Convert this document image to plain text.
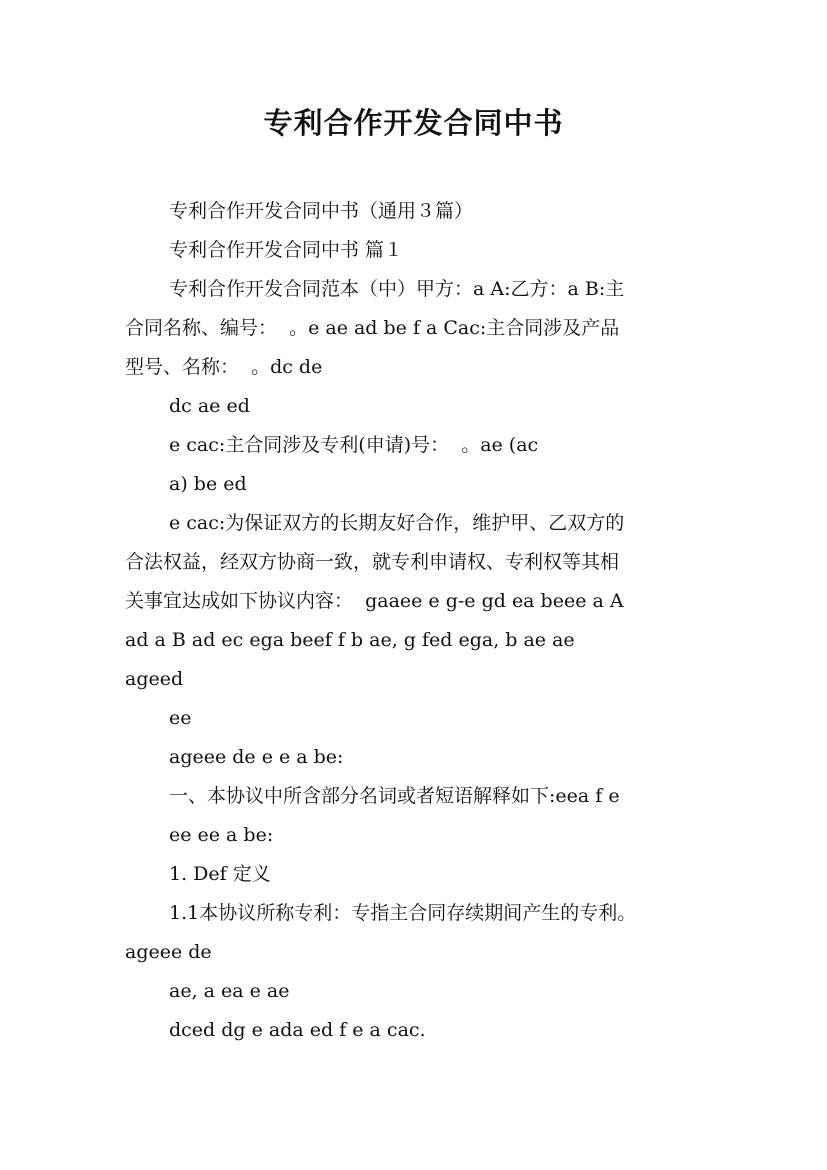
专利合作开发合同中书
专利合作开发合同中书（通用３篇）
专利合作开发合同中书 篇１
专利合作开发合同范本（中）甲方：a A:乙方：a B:主
合同名称、编号：  。e ae ad be f a Cac:主合同涉及产品
型号、名称：  。dc de
dc ae ed
e cac:主合同涉及专利(申请)号：  。ae (ac
a) be ed
e cac:为保证双方的长期友好合作，维护甲、乙双方的
合法权益，经双方协商一致，就专利申请权、专利权等其相
关事宜达成如下协议内容：  gaaee e g-e gd ea beee a A
ad a B ad ec ega beef f b ae, g fed ega, b ae ae
ageed
ee
ageee de e e a be:
一、本协议中所含部分名词或者短语解释如下:eea f e
ee ee a be:
1. Def 定义
1.1本协议所称专利：专指主合同存续期间产生的专利。
ageee de
ae, a ea e ae
dced dg e ada ed f e a cac.
